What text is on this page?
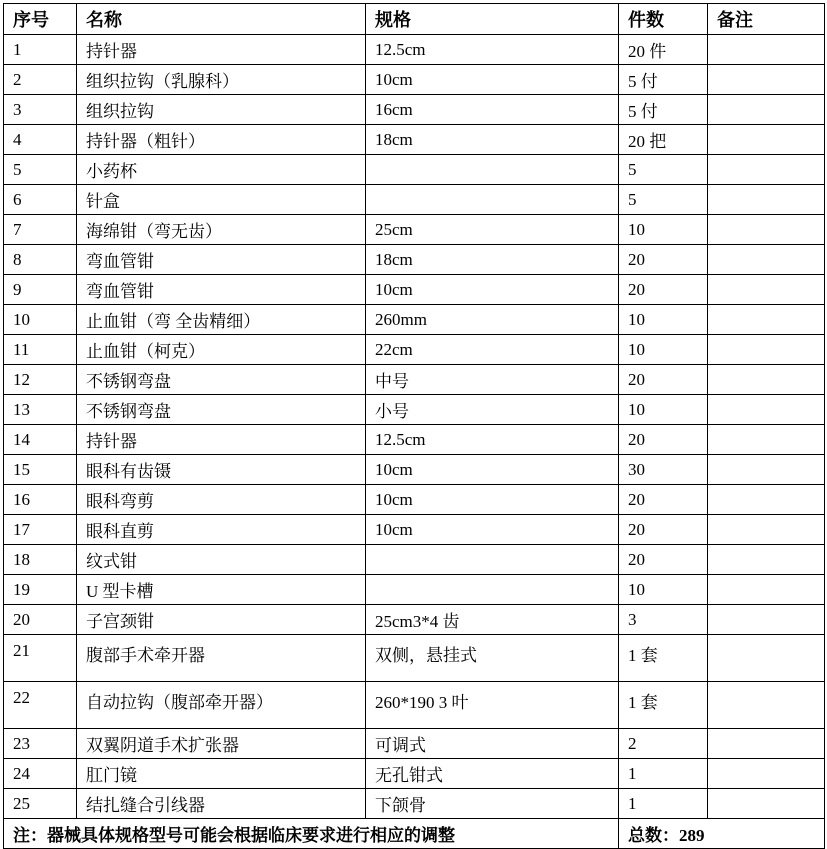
序号	名称	规格	件数	备注
1	持针器	12.5cm	20 件	
2	组织拉钩（乳腺科）	10cm	5 付	
3	组织拉钩	16cm	5 付	
4	持针器（粗针）	18cm	20 把	
5	小药杯		5	
6	针盒		5	
7	海绵钳（弯无齿）	25cm	10	
8	弯血管钳	18cm	20	
9	弯血管钳	10cm	20	
10	止血钳（弯 全齿精细）	260mm	10	
11	止血钳（柯克）	22cm	10	
12	不锈钢弯盘	中号	20	
13	不锈钢弯盘	小号	10	
14	持针器	12.5cm	20	
15	眼科有齿镊	10cm	30	
16	眼科弯剪	10cm	20	
17	眼科直剪	10cm	20	
18	纹式钳		20	
19	U 型卡槽		10	
20	子宫颈钳	25cm3*4 齿	3	
21	腹部手术牵开器	双侧，悬挂式	1 套	
22	自动拉钩（腹部牵开器）	260*190 3 叶	1 套	
23	双翼阴道手术扩张器	可调式	2	
24	肛门镜	无孔钳式	1	
25	结扎缝合引线器	下颌骨	1	
注：器械具体规格型号可能会根据临床要求进行相应的调整			总数：289	
